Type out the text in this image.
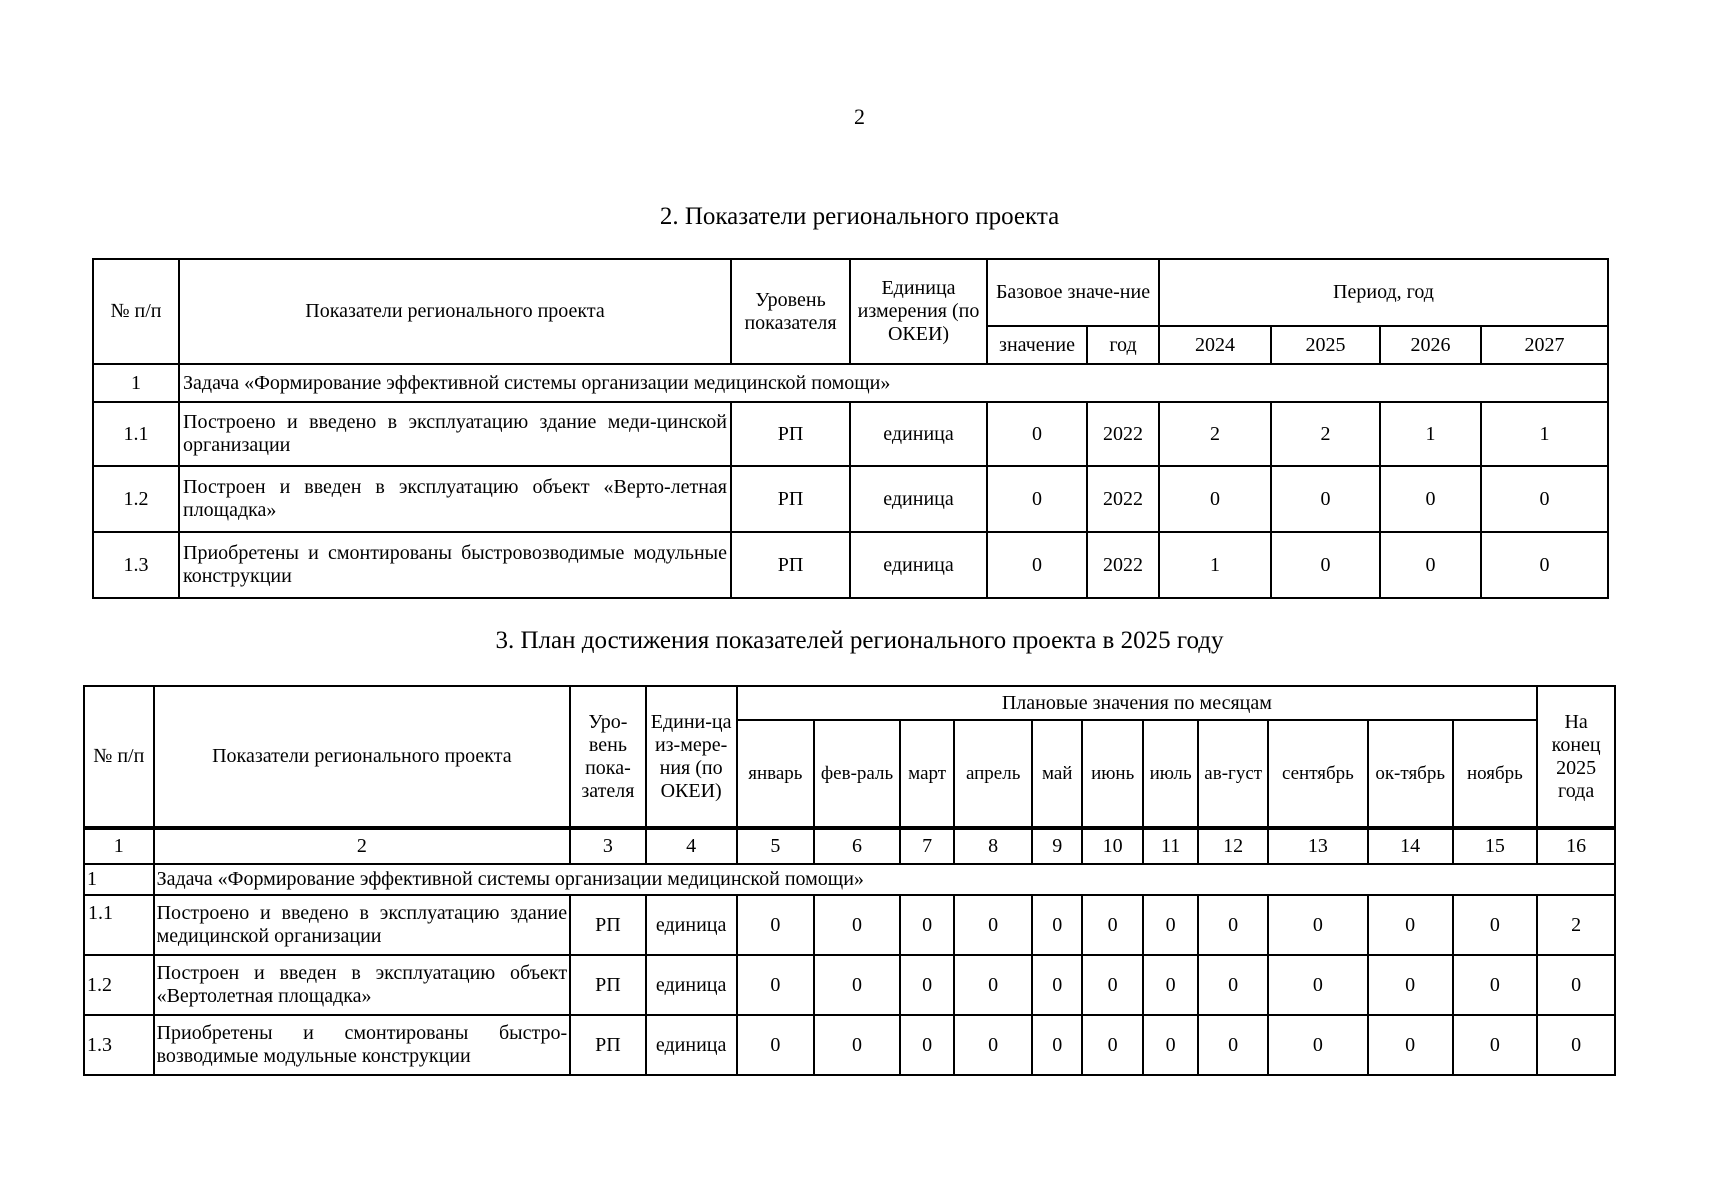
2
2. Показатели регионального проекта
№ п/п	Показатели регионального проекта	Уровень показателя	Единица измерения (по ОКЕИ)	Базовое значе-ние		Период, год			
				значение	год	2024	2025	2026	2027
1	Задача «Формирование эффективной системы организации медицинской помощи»								
1.1	Построено и введено в эксплуатацию здание меди-цинской организации	РП	единица	0	2022	2	2	1	1
1.2	Построен и введен в эксплуатацию объект «Верто-летная площадка»	РП	единица	0	2022	0	0	0	0
1.3	Приобретены и смонтированы быстровозводимые модульные конструкции	РП	единица	0	2022	1	0	0	0
3. План достижения показателей регионального проекта в 2025 году
№ п/п	Показатели регионального проекта	Уро-вень пока-зателя	Едини-ца из-мере-ния (по ОКЕИ)	Плановые значения по месяцам											На конец 2025 года
				январь	фев-раль	март	апрель	май	июнь	июль	ав-густ	сентябрь	ок-тябрь	ноябрь	
1	2	3	4	5	6	7	8	9	10	11	12	13	14	15	16
1	Задача «Формирование эффективной системы организации медицинской помощи»														
1.1	Построено и введено в эксплуатацию здание медицинской организации	РП	единица	0	0	0	0	0	0	0	0	0	0	0	2
1.2	Построен и введен в эксплуатацию объект «Вертолетная площадка»	РП	единица	0	0	0	0	0	0	0	0	0	0	0	0
1.3	Приобретены и смонтированы быстро-возводимые модульные конструкции	РП	единица	0	0	0	0	0	0	0	0	0	0	0	0
